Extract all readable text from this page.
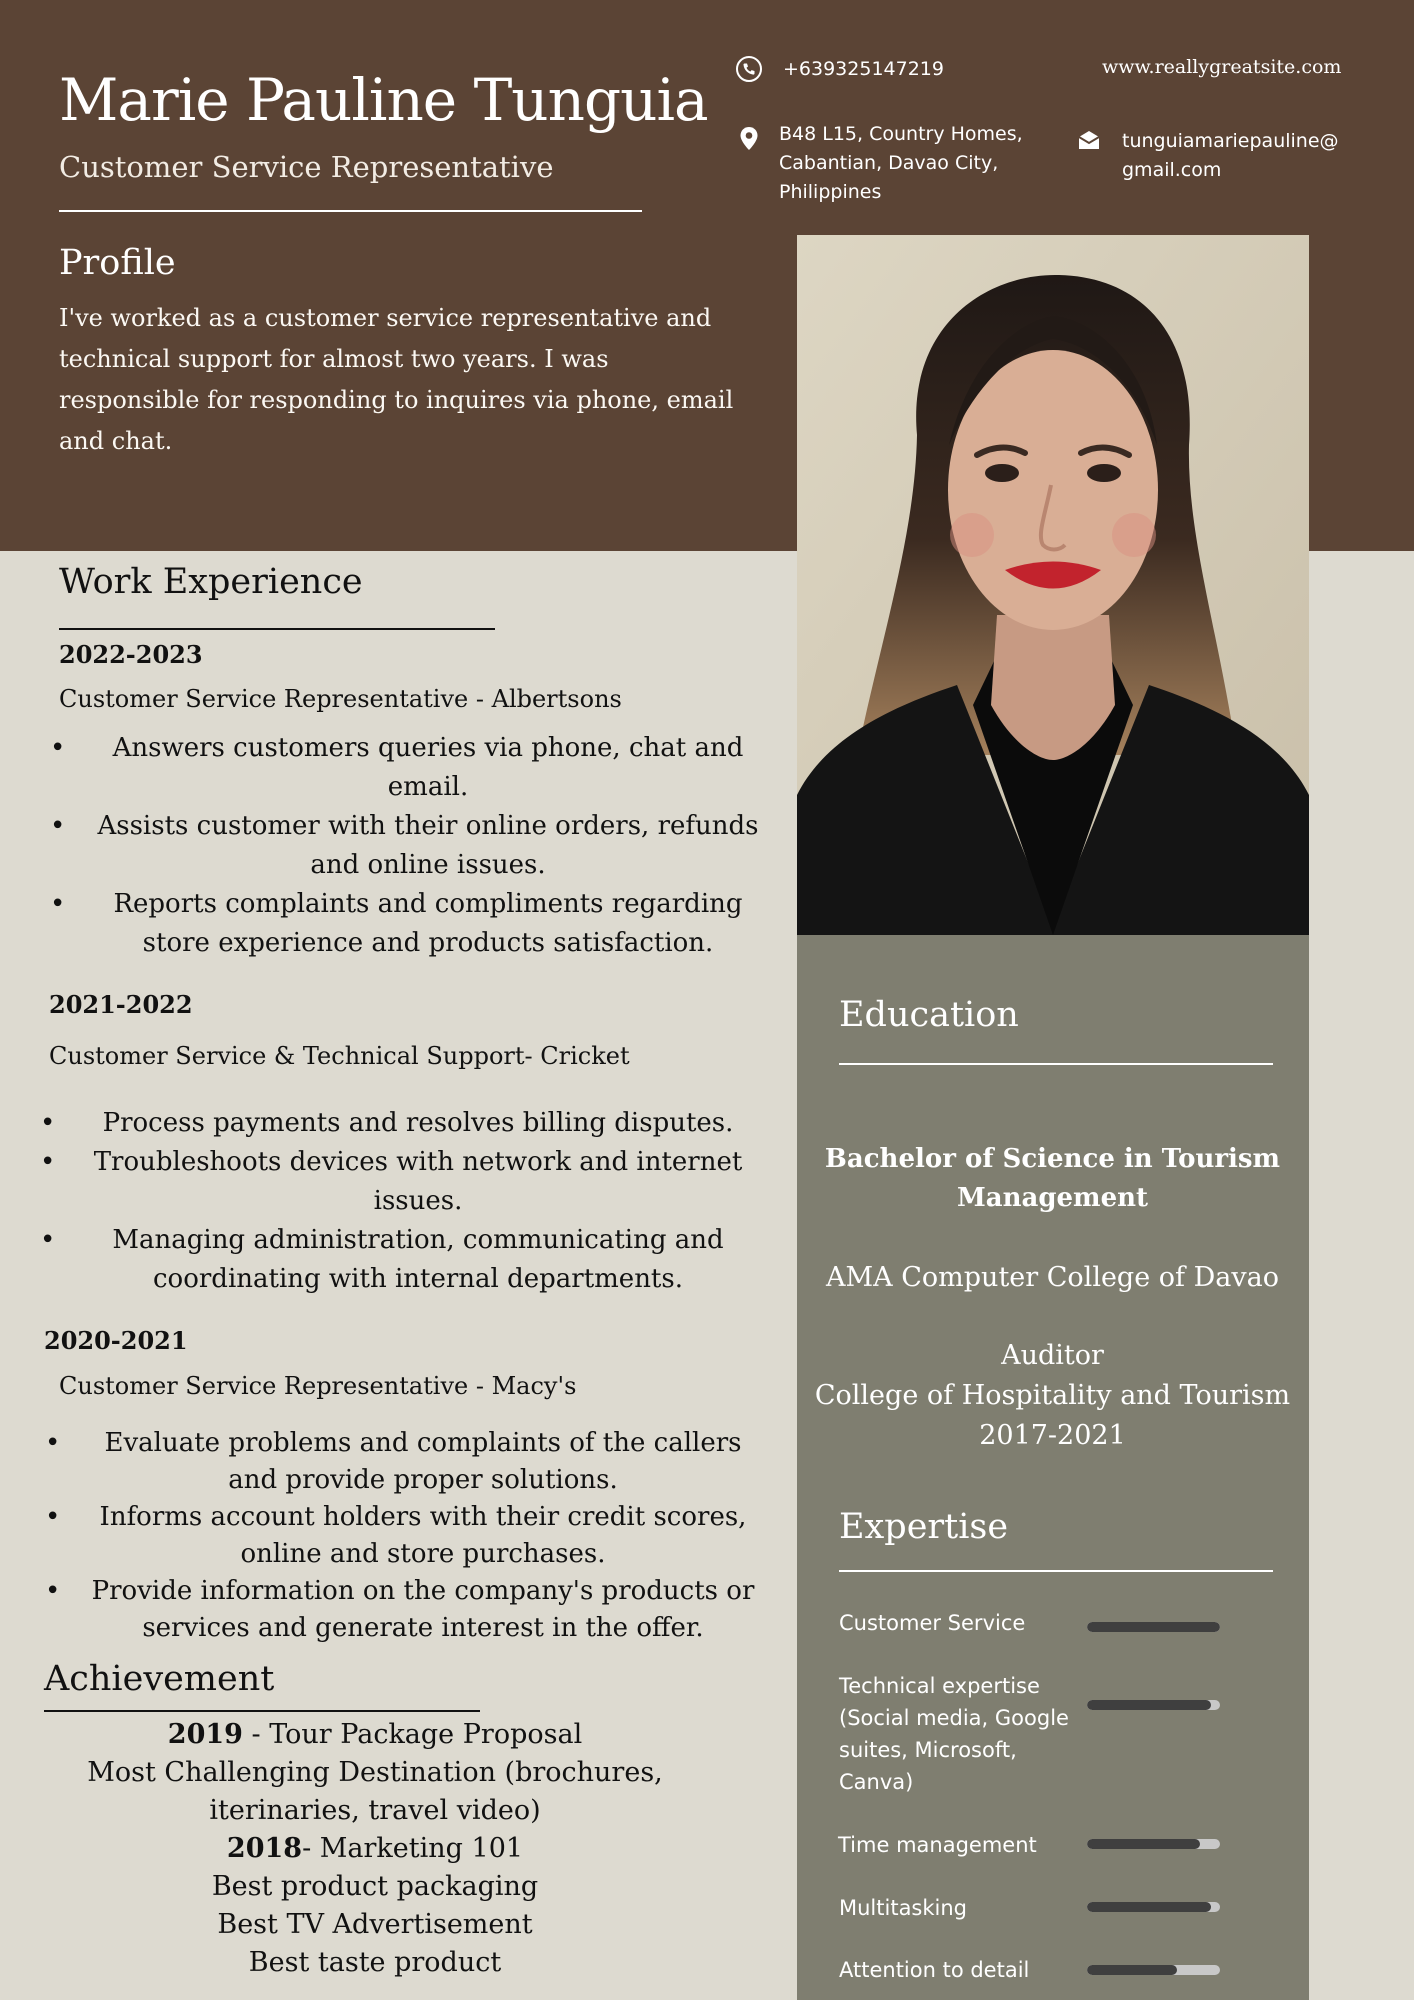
Marie Pauline Tunguia
Customer Service Representative
+639325147219	www.reallygreatsite.com
B48 L15, Country Homes,
Cabantian, Davao City,
Philippines
tunguiamariepauline@
gmail.com
Profile
I've worked as a customer service representative and technical support for almost two years. I was responsible for responding to inquires via phone, email and chat.
Work Experience
2022-2023
Customer Service Representative - Albertsons
• Answers customers queries via phone, chat and email.
• Assists customer with their online orders, refunds and online issues.
• Reports complaints and compliments regarding store experience and products satisfaction.
2021-2022
Customer Service & Technical Support- Cricket
• Process payments and resolves billing disputes.
• Troubleshoots devices with network and internet issues.
• Managing administration, communicating and coordinating with internal departments.
2020-2021
Customer Service Representative - Macy's
• Evaluate problems and complaints of the callers and provide proper solutions.
• Informs account holders with their credit scores, online and store purchases.
• Provide information on the company's products or services and generate interest in the offer.
Achievement
2019 - Tour Package Proposal
Most Challenging Destination (brochures, iterinaries, travel video)
2018- Marketing 101
Best product packaging
Best TV Advertisement
Best taste product
Education
Bachelor of Science in Tourism Management
AMA Computer College of Davao
Auditor
College of Hospitality and Tourism
2017-2021
Expertise
Customer Service
Technical expertise (Social media, Google suites, Microsoft, Canva)
Time management
Multitasking
Attention to detail
